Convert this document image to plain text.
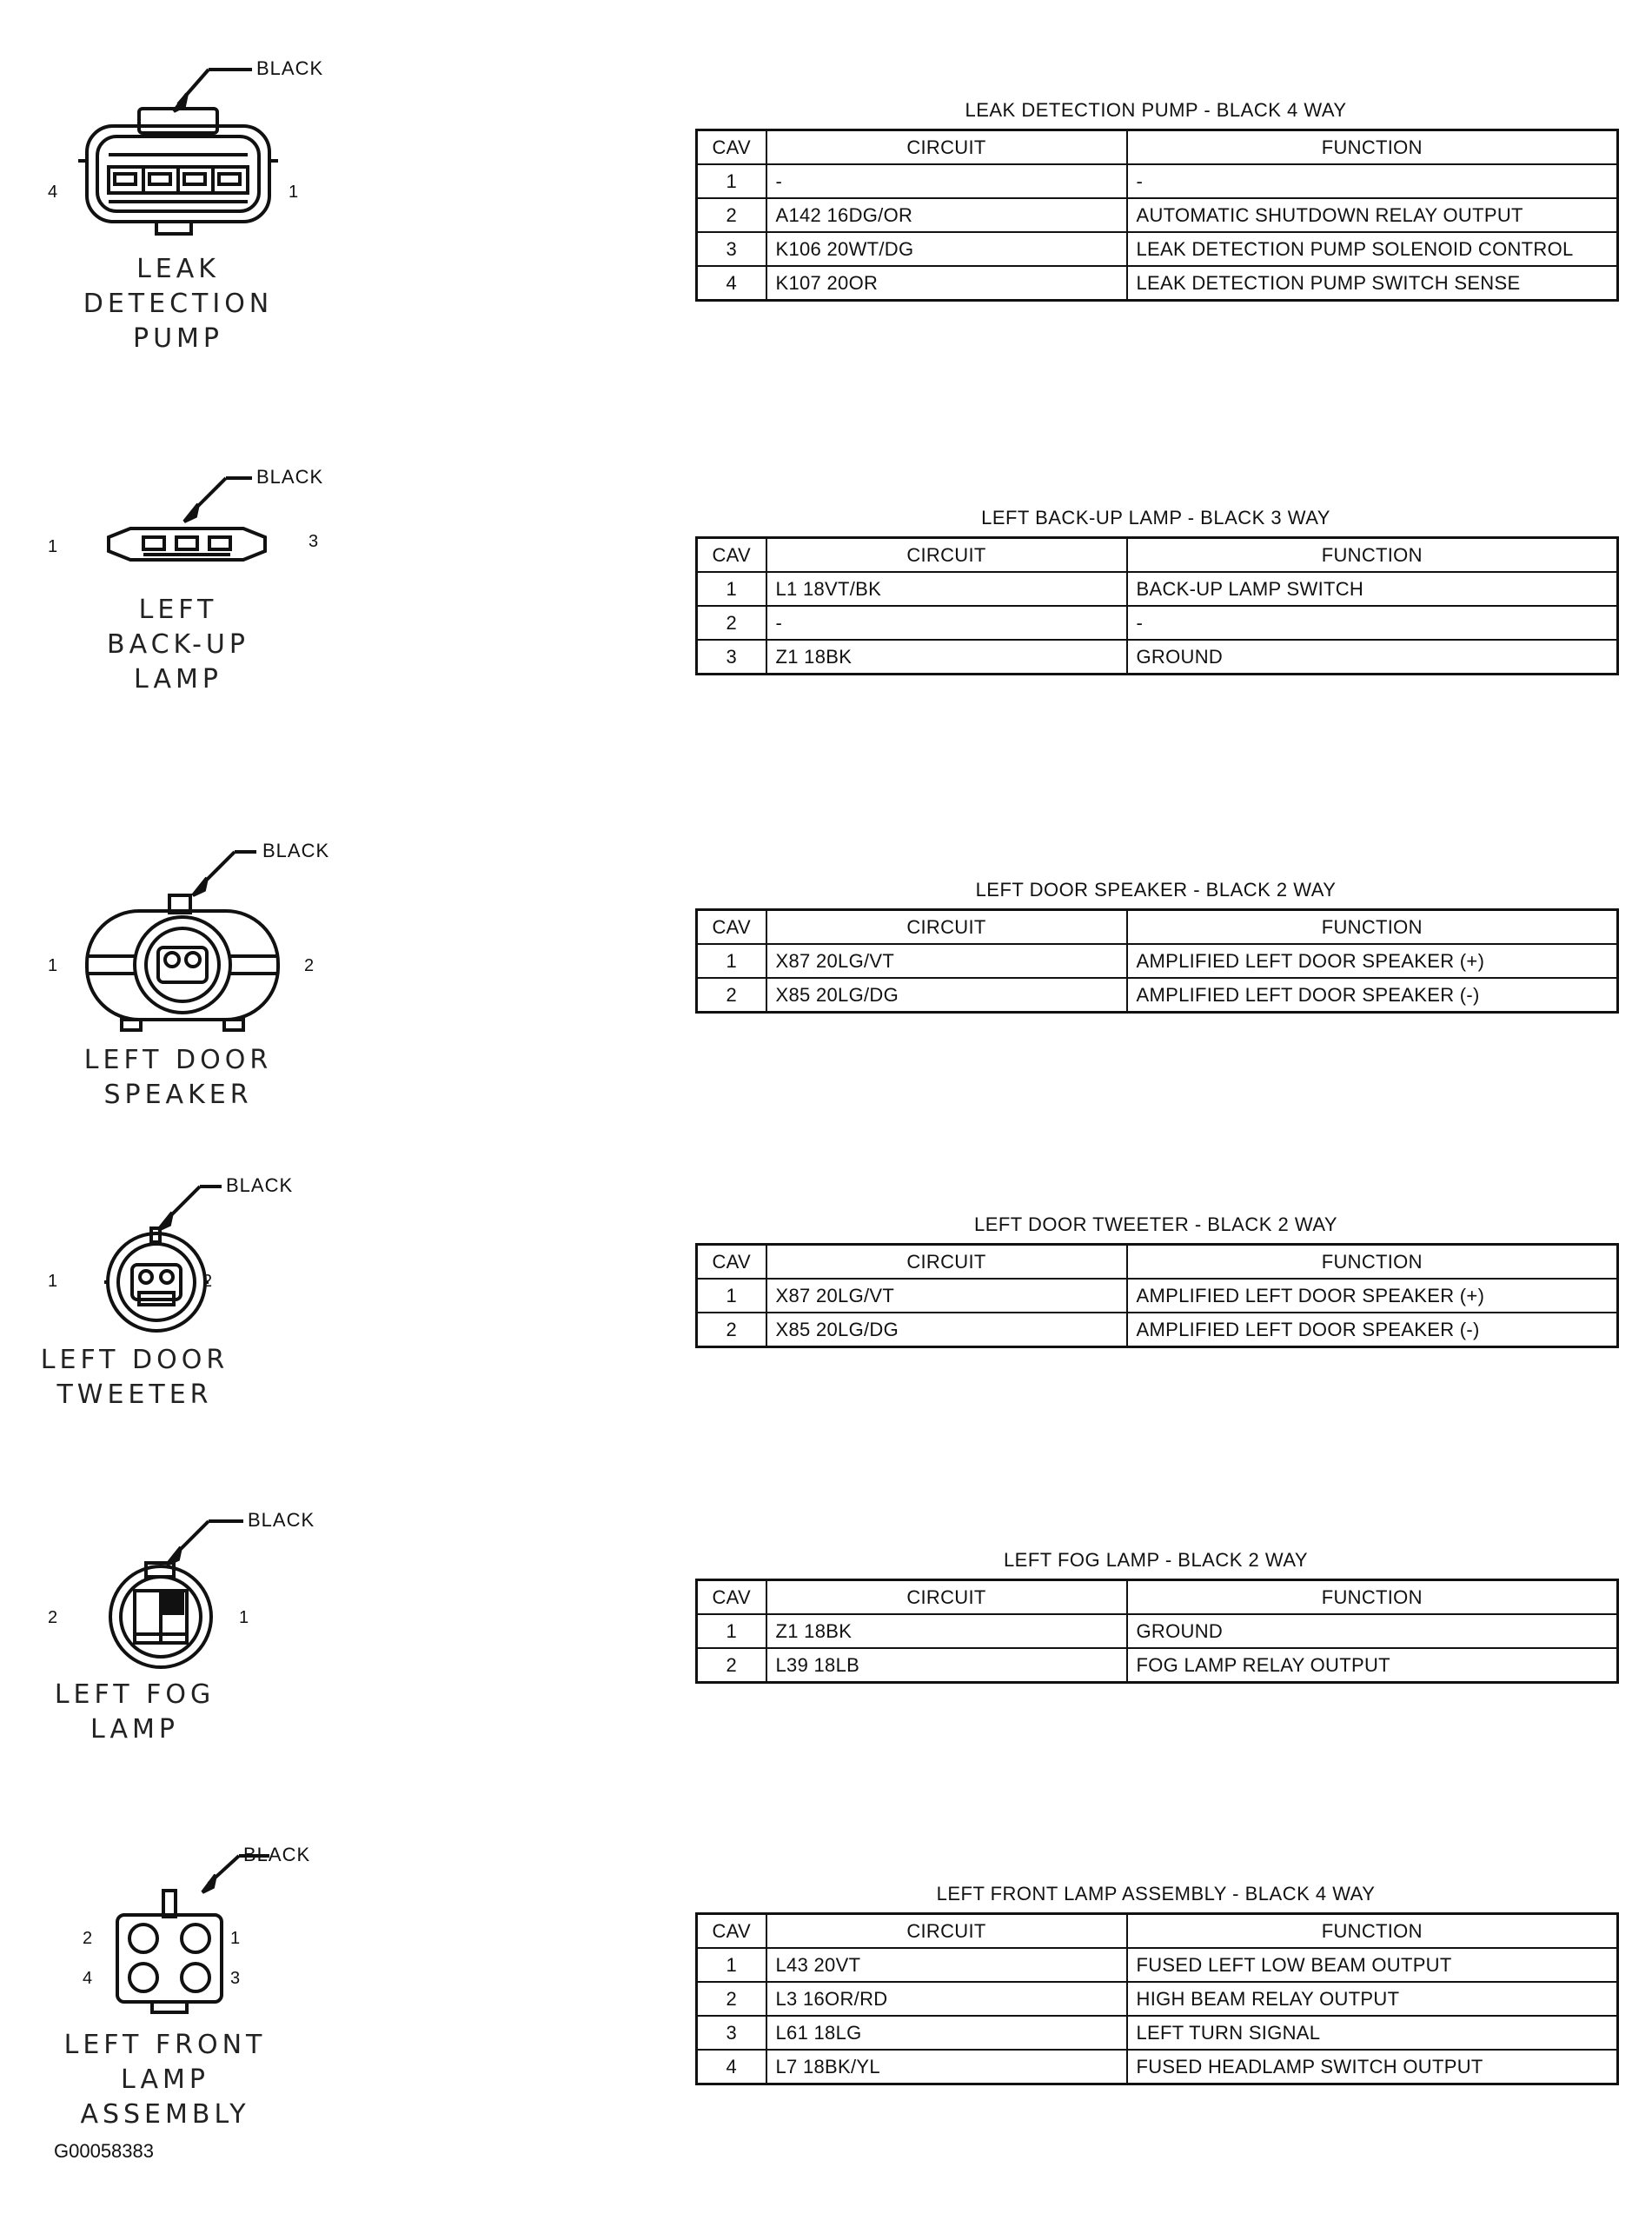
BLACK
4	1
LEAK
DETECTION
PUMP
LEAK DETECTION PUMP - BLACK 4 WAY
CAV	CIRCUIT	FUNCTION
1	-	-
2	A142 16DG/OR	AUTOMATIC SHUTDOWN RELAY OUTPUT
3	K106 20WT/DG	LEAK DETECTION PUMP SOLENOID CONTROL
4	K107 20OR	LEAK DETECTION PUMP SWITCH SENSE
BLACK
1	3
LEFT
BACK-UP
LAMP
LEFT BACK-UP LAMP - BLACK 3 WAY
CAV	CIRCUIT	FUNCTION
1	L1 18VT/BK	BACK-UP LAMP SWITCH
2	-	-
3	Z1 18BK	GROUND
BLACK
1	2
LEFT DOOR
SPEAKER
LEFT DOOR SPEAKER - BLACK 2 WAY
CAV	CIRCUIT	FUNCTION
1	X87 20LG/VT	AMPLIFIED LEFT DOOR SPEAKER (+)
2	X85 20LG/DG	AMPLIFIED LEFT DOOR SPEAKER (-)
BLACK
1	2
LEFT DOOR
TWEETER
LEFT DOOR TWEETER - BLACK 2 WAY
CAV	CIRCUIT	FUNCTION
1	X87 20LG/VT	AMPLIFIED LEFT DOOR SPEAKER (+)
2	X85 20LG/DG	AMPLIFIED LEFT DOOR SPEAKER (-)
BLACK
2	1
LEFT FOG
LAMP
LEFT FOG LAMP - BLACK 2 WAY
CAV	CIRCUIT	FUNCTION
1	Z1 18BK	GROUND
2	L39 18LB	FOG LAMP RELAY OUTPUT
BLACK
2	1
4	3
LEFT FRONT
LAMP ASSEMBLY
LEFT FRONT LAMP ASSEMBLY - BLACK 4 WAY
CAV	CIRCUIT	FUNCTION
1	L43 20VT	FUSED LEFT LOW BEAM OUTPUT
2	L3 16OR/RD	HIGH BEAM RELAY OUTPUT
3	L61 18LG	LEFT TURN SIGNAL
4	L7 18BK/YL	FUSED HEADLAMP SWITCH OUTPUT
G00058383
